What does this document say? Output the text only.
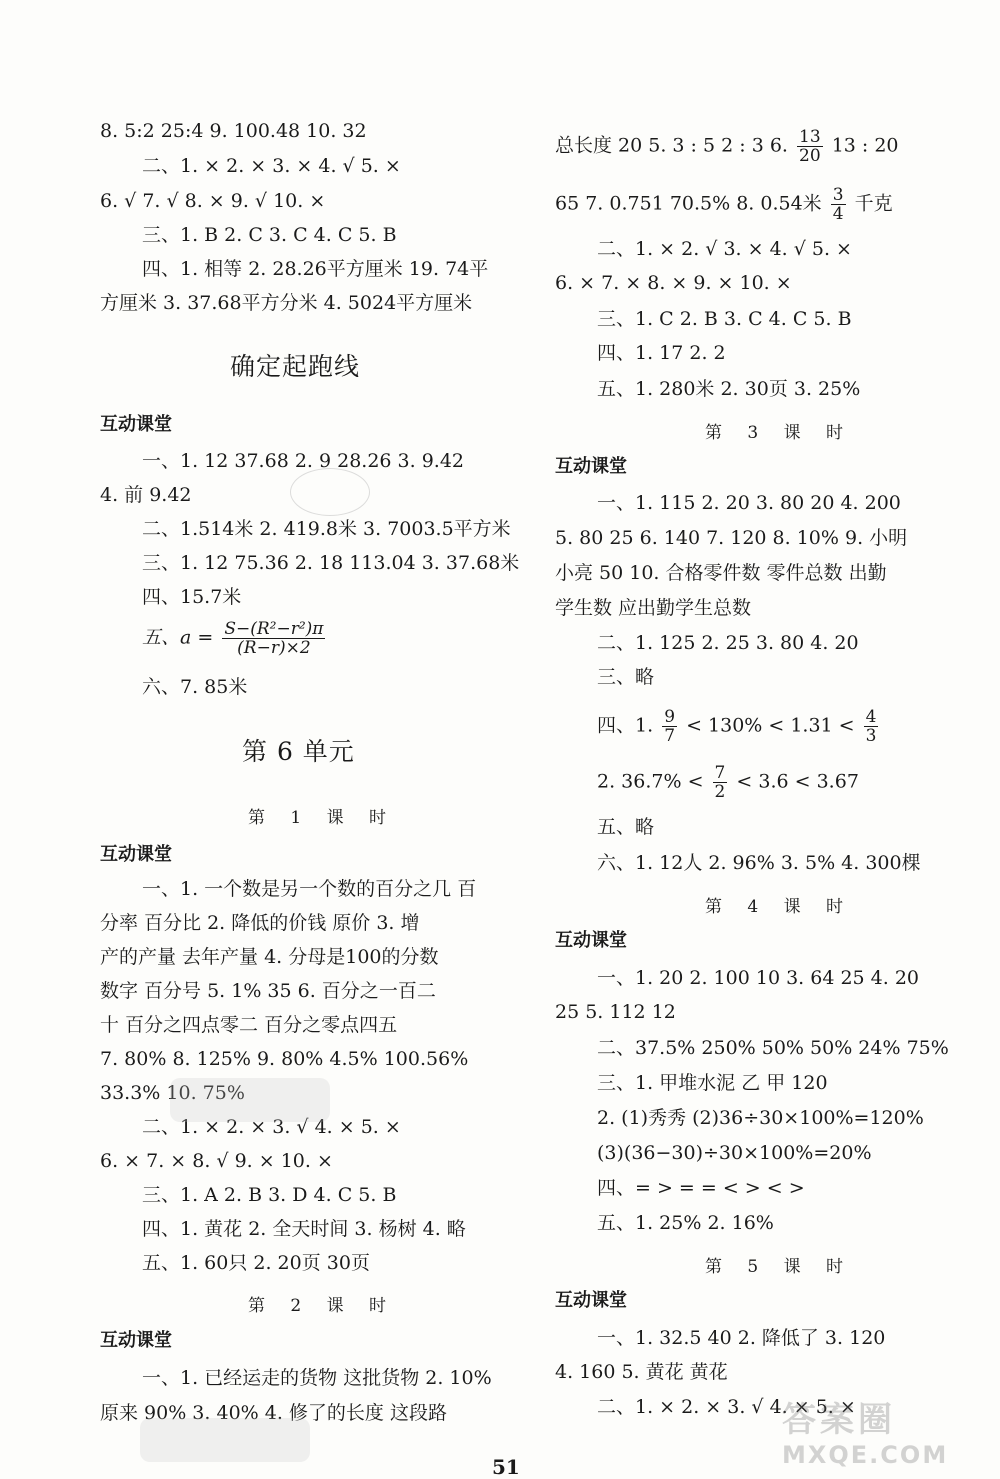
8. 5:2 25:4 9. 100.48 10. 32
二、1. × 2. × 3. × 4. √ 5. ×
6. √ 7. √ 8. × 9. √ 10. ×
三、1. B 2. C 3. C 4. C 5. B
四、1. 相等 2. 28.26平方厘米 19. 74平
方厘米 3. 37.68平方分米 4. 5024平方厘米
确定起跑线
互动课堂
一、1. 12 37.68 2. 9 28.26 3. 9.42
4. 前 9.42
二、1.514米 2. 419.8米 3. 7003.5平方米
三、1. 12 75.36 2. 18 113.04 3. 37.68米
四、15.7米
五、$a = \frac{\text{S−(R²−r²)π}}{(R-r)\times 2}$
六、7. 85米
第 6 单元
第 1 课 时
互动课堂
一、1. 一个数是另一个数的百分之几 百
分率 百分比 2. 降低的价钱 原价 3. 增
产的产量 去年产量 4. 分母是100的分数
数字 百分号 5. 1% 35 6. 百分之一百二
十 百分之四点零二 百分之零点四五
7. 80% 8. 125% 9. 80% 4.5% 100.56%
33.3% 10. 75%
二、1. × 2. × 3. √ 4. × 5. ×
6. × 7. × 8. √ 9. × 10. ×
三、1. A 2. B 3. D 4. C 5. B
四、1. 黄花 2. 全天时间 3. 杨树 4. 略
五、1. 60只 2. 20页 30页
第 2 课 时
互动课堂
一、1. 已经运走的货物 这批货物 2. 10%
原来 90% 3. 40% 4. 修了的长度 这段路
总长度 20 5. 3 : 5 2 : 3 6. $\frac{13}{20} 13$ : 20
65 7. 0.751 70.5% 8. 0.54米 $\frac{3}{4}$ 千克
二、1. × 2. √ 3. × 4. √ 5. ×
6. × 7. × 8. × 9. × 10. ×
三、1. C 2. B 3. C 4. C 5. B
四、1. 17 2. 2
五、1. 280米 2. 30页 3. 25%
第 3 课 时
互动课堂
一、1. 115 2. 20 3. 80 20 4. 200
5. 80 25 6. 140 7. 120 8. 10% 9. 小明
小亮 50 10. 合格零件数 零件总数 出勤
学生数 应出勤学生总数
二、1. 125 2. 25 3. 80 4. 20
三、略
四、1. $\frac{9}{7} < 130\% < 1.31 < \frac{4}{3}$
2. $36.7\% < \frac{7}{2} < 3.6 < 3.67$
五、略
六、1. 12人 2. 96% 3. 5% 4. 300棵
第 4 课 时
互动课堂
一、1. 20 2. 100 10 3. 64 25 4. 20
25 5. 112 12
二、37.5% 250% 50% 50% 24% 75%
三、1. 甲堆水泥 乙 甲 120
2. (1)秀秀 (2)36÷30×100%=120%
(3)(36−30)÷30×100%=20%
四、= > = = < > < >
五、1. 25% 2. 16%
第 5 课 时
互动课堂
一、1. 32.5 40 2. 降低了 3. 120
4. 160 5. 黄花 黄花
二、1. × 2. × 3. √ 4. × 5. ×
答案圈
MXQE.COM
51
